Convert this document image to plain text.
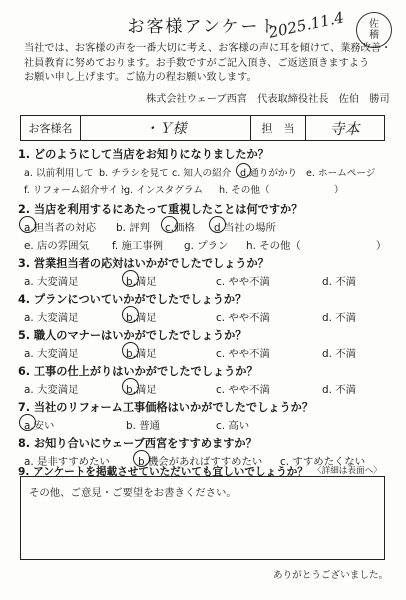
お客様アンケート
2025.11.4 佐
稽
当社では、お客様の声を一番大切に考え、お客様の声に耳を傾けて、業務改善・
社員教育に努めております。お手数ですがご記入頂き、ご返送頂きますよう
お願い申し上げます。ご協力の程お願い致します。
株式会社ウェーブ西宮　代表取締役社長　佐伯　勝司
お客様名	・Ｙ様	担　当	寺本
1. どのようにして当店をお知りになりましたか？
a. 以前利用して b. チラシを見て c. 知人の紹介 d.通りがかり e. ホームページ
f. リフォーム紹介サイト
g. インスタグラム h. その他（	）
2. 当店を利用するにあたって重視したことは何ですか？
a.担当者の対応 b. 評判 c.価格 d.当社の場所
e. 店の雰囲気 f. 施工事例 g. プラン h. その他（	）
3. 営業担当者の応対はいかがでしたでしょうか？
a. 大変満足	b.満足	c. やや不満	d. 不満
4. プランについていかがでしたでしょうか？
a. 大変満足	b.満足	c. やや不満	d. 不満
5. 職人のマナーはいかがでしたでしょうか？
a. 大変満足	b.満足	c. やや不満	d. 不満
6. 工事の仕上がりはいかがでしたでしょうか？
a. 大変満足	b.満足	c. やや不満	d. 不満
7. 当社のリフォーム工事価格はいかがでしたでしょうか？
a.安い	b. 普通	c. 高い
8. お知り合いにウェーブ西宮をすすめますか？
a. 是非すすめたい	b.機会があればすすめたい c. すすめたくない
9. アンケートを掲載させていただいても宜しいでしょうか？ 〈詳細は表面へ〉
その他、ご意見・ご要望をお書きください。
ありがとうございました。
